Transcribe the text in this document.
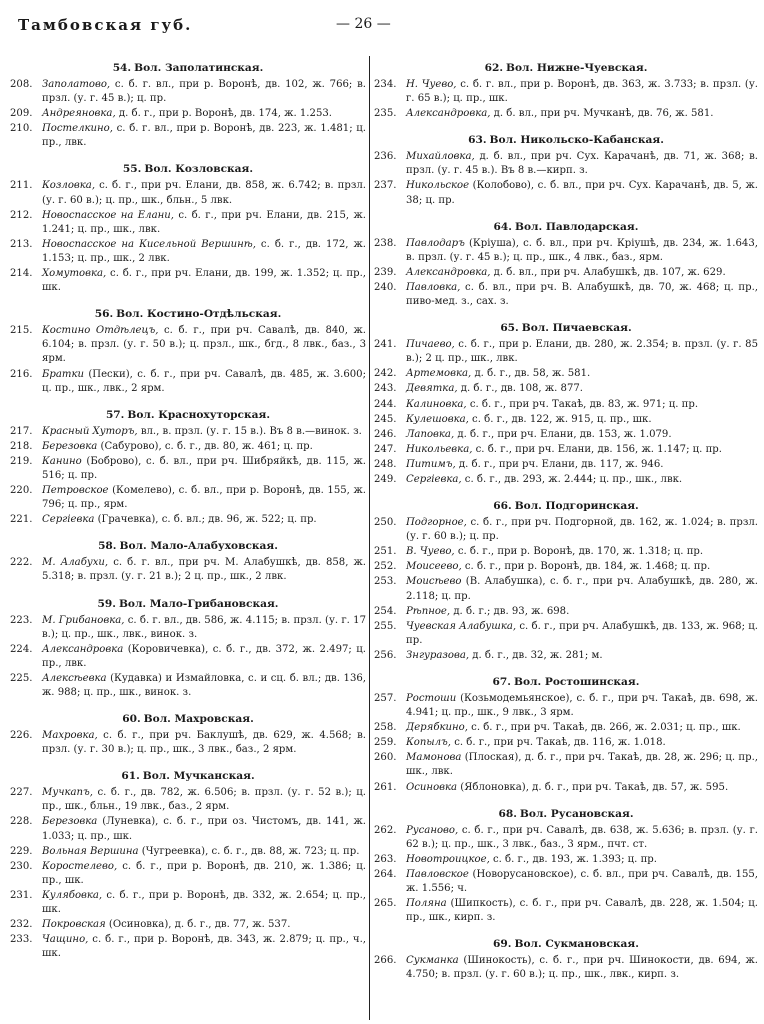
Тамбовская губ.	— 26 —
54. Вол. Заполатинская.
208. Заполатово, с. б. г. вл., при р. Воронѣ, дв. 102, ж. 766; в. прзл. (у. г. 45 в.); ц. пр.
209. Андреяновка, д. б. г., при р. Воронѣ, дв. 174, ж. 1.253.
210. Постелкино, с. б. г. вл., при р. Воронѣ, дв. 223, ж. 1.481; ц. пр., лвк.
55. Вол. Козловская.
211. Козловка, с. б. г., при рч. Елани, дв. 858, ж. 6.742; в. прзл. (у. г. 60 в.); ц. пр., шк., бльн., 5 лвк.
212. Новоспасское на Елани, с. б. г., при рч. Елани, дв. 215, ж. 1.241; ц. пр., шк., лвк.
213. Новоспасское на Кисельной Вершинѣ, с. б. г., дв. 172, ж. 1.153; ц. пр., шк., 2 лвк.
214. Хомутовка, с. б. г., при рч. Елани, дв. 199, ж. 1.352; ц. пр., шк.
56. Вол. Костино-Отдѣльская.
215. Костино Отдѣлецъ, с. б. г., при рч. Савалѣ, дв. 840, ж. 6.104; в. прзл. (у. г. 50 в.); ц. прзл., шк., бгд., 8 лвк., баз., 3 ярм.
216. Братки (Пески), с. б. г., при рч. Савалѣ, дв. 485, ж. 3.600; ц. пр., шк., лвк., 2 ярм.
57. Вол. Краснохуторская.
217. Красный Хуторъ, вл., в. прзл. (у. г. 15 в.). Въ 8 в.—винок. з.
218. Березовка (Сабурово), с. б. г., дв. 80, ж. 461; ц. пр.
219. Канино (Боброво), с. б. вл., при рч. Шибряйкѣ, дв. 115, ж. 516; ц. пр.
220. Петровское (Комелево), с. б. вл., при р. Воронѣ, дв. 155, ж. 796; ц. пр., ярм.
221. Сергіевка (Грачевка), с. б. вл.; дв. 96, ж. 522; ц. пр.
58. Вол. Мало-Алабуховская.
222. М. Алабухи, с. б. г. вл., при рч. М. Алабушкѣ, дв. 858, ж. 5.318; в. прзл. (у. г. 21 в.); 2 ц. пр., шк., 2 лвк.
59. Вол. Мало-Грибановская.
223. М. Грибановка, с. б. г. вл., дв. 586, ж. 4.115; в. прзл. (у. г. 17 в.); ц. пр., шк., лвк., винок. з.
224. Александровка (Коровичевка), с. б. г., дв. 372, ж. 2.497; ц. пр., лвк.
225. Алексѣевка (Кудавка) и Измайловка, с. и сц. б. вл.; дв. 136, ж. 988; ц. пр., шк., винок. з.
60. Вол. Махровская.
226. Махровка, с. б. г., при рч. Баклушѣ, дв. 629, ж. 4.568; в. прзл. (у. г. 30 в.); ц. пр., шк., 3 лвк., баз., 2 ярм.
61. Вол. Мучканская.
227. Мучкапъ, с. б. г., дв. 782, ж. 6.506; в. прзл. (у. г. 52 в.); ц. пр., шк., бльн., 19 лвк., баз., 2 ярм.
228. Березовка (Луневка), с. б. г., при оз. Чистомъ, дв. 141, ж. 1.033; ц. пр., шк.
229. Вольная Вершина (Чугреевка), с. б. г., дв. 88, ж. 723; ц. пр.
230. Коростелево, с. б. г., при р. Воронѣ, дв. 210, ж. 1.386; ц. пр., шк.
231. Кулябовка, с. б. г., при р. Воронѣ, дв. 332, ж. 2.654; ц. пр., шк.
232. Покровская (Осиновка), д. б. г., дв. 77, ж. 537.
233. Чащино, с. б. г., при р. Воронѣ, дв. 343, ж. 2.879; ц. пр., ч., шк.
62. Вол. Нижне-Чуевская.
234. Н. Чуево, с. б. г. вл., при р. Воронѣ, дв. 363, ж. 3.733; в. прзл. (у. г. 65 в.); ц. пр., шк.
235. Александровка, д. б. вл., при рч. Мучканѣ, дв. 76, ж. 581.
63. Вол. Никольско-Кабанская.
236. Михайловка, д. б. вл., при рч. Сух. Карачанѣ, дв. 71, ж. 368; в. прзл. (у. г. 45 в.). Въ 8 в.—кирп. з.
237. Никольское (Колобово), с. б. вл., при рч. Сух. Карачанѣ, дв. 5, ж. 38; ц. пр.
64. Вол. Павлодарская.
238. Павлодаръ (Крiуша), с. б. вл., при рч. Крiушѣ, дв. 234, ж. 1.643, в. прзл. (у. г. 45 в.); ц. пр., шк., 4 лвк., баз., ярм.
239. Александровка, д. б. вл., при рч. Алабушкѣ, дв. 107, ж. 629.
240. Павловка, с. б. вл., при рч. В. Алабушкѣ, дв. 70, ж. 468; ц. пр., пиво-мед. з., сах. з.
65. Вол. Пичаевская.
241. Пичаево, с. б. г., при р. Елани, дв. 280, ж. 2.354; в. прзл. (у. г. 85 в.); 2 ц. пр., шк., лвк.
242. Артемовка, д. б. г., дв. 58, ж. 581.
243. Девятка, д. б. г., дв. 108, ж. 877.
244. Калиновка, с. б. г., при рч. Такаѣ, дв. 83, ж. 971; ц. пр.
245. Кулешовка, с. б. г., дв. 122, ж. 915, ц. пр., шк.
246. Лаповка, д. б. г., при рч. Елани, дв. 153, ж. 1.079.
247. Никольевка, с. б. г., при рч. Елани, дв. 156, ж. 1.147; ц. пр.
248. Питимъ, д. б. г., при рч. Елани, дв. 117, ж. 946.
249. Сергiевка, с. б. г., дв. 293, ж. 2.444; ц. пр., шк., лвк.
66. Вол. Подгоринская.
250. Подгорное, с. б. г., при рч. Подгорной, дв. 162, ж. 1.024; в. прзл. (у. г. 60 в.); ц. пр.
251. В. Чуево, с. б. г., при р. Воронѣ, дв. 170, ж. 1.318; ц. пр.
252. Моисеево, с. б. г., при р. Воронѣ, дв. 184, ж. 1.468; ц. пр.
253. Моисѣево (В. Алабушка), с. б. г., при рч. Алабушкѣ, дв. 280, ж. 2.118; ц. пр.
254. Рѣпное, д. б. г.; дв. 93, ж. 698.
255. Чуевская Алабушка, с. б. г., при рч. Алабушкѣ, дв. 133, ж. 968; ц. пр.
256. Знгуразова, д. б. г., дв. 32, ж. 281; м.
67. Вол. Ростошинская.
257. Ростоши (Козьмодемьянское), с. б. г., при рч. Такаѣ, дв. 698, ж. 4.941; ц. пр., шк., 9 лвк., 3 ярм.
258. Дерябкино, с. б. г., при рч. Такаѣ, дв. 266, ж. 2.031; ц. пр., шк.
259. Копылъ, с. б. г., при рч. Такаѣ, дв. 116, ж. 1.018.
260. Мамонова (Плоская), д. б. г., при рч. Такаѣ, дв. 28, ж. 296; ц. пр., шк., лвк.
261. Осиновка (Яблоновка), д. б. г., при рч. Такаѣ, дв. 57, ж. 595.
68. Вол. Русановская.
262. Русаново, с. б. г., при рч. Савалѣ, дв. 638, ж. 5.636; в. прзл. (у. г. 62 в.); ц. пр., шк., 3 лвк., баз., 3 ярм., пчт. ст.
263. Новотроицкое, с. б. г., дв. 193, ж. 1.393; ц. пр.
264. Павловское (Новорусановское), с. б. вл., при рч. Савалѣ, дв. 155, ж. 1.556; ч.
265. Поляна (Шипкость), с. б. г., при рч. Савалѣ, дв. 228, ж. 1.504; ц. пр., шк., кирп. з.
69. Вол. Сукмановская.
266. Сукманка (Шинокость), с. б. г., при рч. Шинокости, дв. 694, ж. 4.750; в. прзл. (у. г. 60 в.); ц. пр., шк., лвк., кирп. з.
